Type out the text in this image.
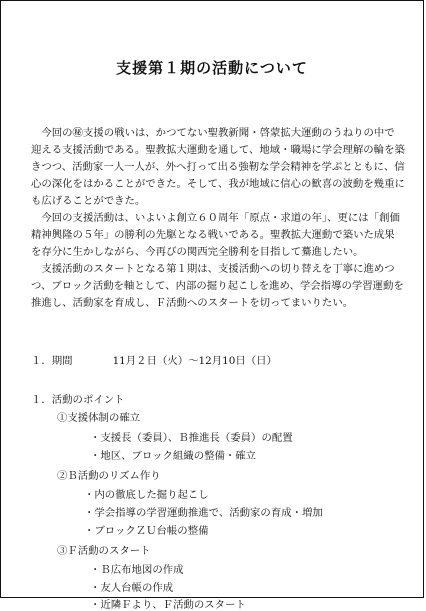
支援第１期の活動について

今回の㊙支援の戦いは、かつてない聖教新聞・啓蒙拡大運動のうねりの中で迎える支援活動である。聖教拡大運動を通して、地域・職場に学会理解の輪を築きつつ、活動家一人一人が、外へ打って出る強靭な学会精神を学ぶとともに、信心の深化をはかることができた。そして、我が地域に信心の歓喜の波動を幾重にも広げることができた。

今回の支援活動は、いよいよ創立６０周年「原点・求道の年」、更には「創価精神興隆の５年」の勝利の先駆となる戦いである。聖教拡大運動で築いた成果を存分に生かしながら、今再びの関西完全勝利を目指して驀進したい。

支援活動のスタートとなる第１期は、支援活動への切り替えを丁寧に進めつつ、ブロック活動を軸として、内部の掘り起こしを進め、学会指導の学習運動を推進し、活動家を育成し、Ｆ活動へのスタートを切ってまいりたい。

１．期間	11月２日（火）～12月10日（日）
１．活動のポイント
①支援体制の確立
・支援長（委員）、Ｂ推進長（委員）の配置
・地区、ブロック組織の整備・確立
②Ｂ活動のリズム作り
・内の徹底した掘り起こし
・学会指導の学習運動推進で、活動家の育成・増加
・ブロックＺＵ台帳の整備
③Ｆ活動のスタート
・Ｂ広布地図の作成
・友人台帳の作成
・近隣Ｆより、Ｆ活動のスタート
